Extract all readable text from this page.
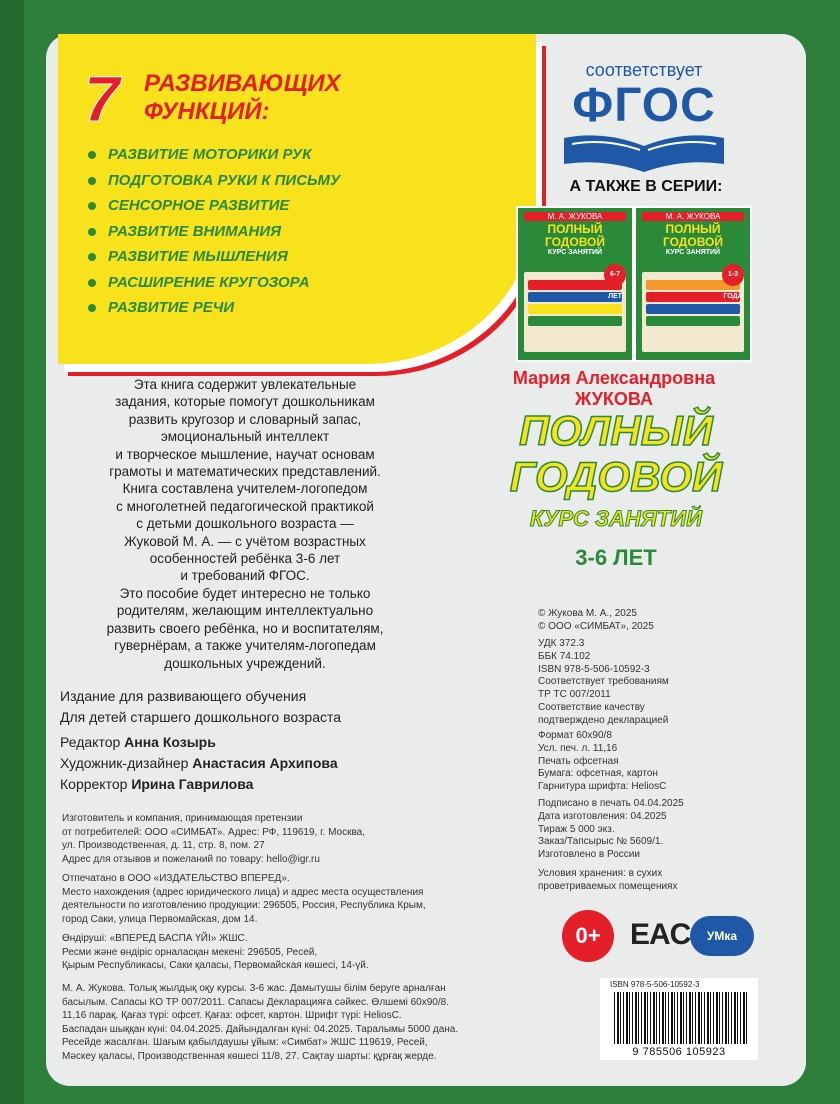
7 РАЗВИВАЮЩИХ
ФУНКЦИЙ:
РАЗВИТИЕ МОТОРИКИ РУК
ПОДГОТОВКА РУКИ К ПИСЬМУ
СЕНСОРНОЕ РАЗВИТИЕ
РАЗВИТИЕ ВНИМАНИЯ
РАЗВИТИЕ МЫШЛЕНИЯ
РАСШИРЕНИЕ КРУГОЗОРА
РАЗВИТИЕ РЕЧИ
соответствует
ФГОС
А ТАКЖЕ В СЕРИИ:
М. А. ЖУКОВА
ПОЛНЫЙ
ГОДОВОЙ
КУРС ЗАНЯТИЙ
6-7 ЛЕТ
М. А. ЖУКОВА
ПОЛНЫЙ
ГОДОВОЙ
КУРС ЗАНЯТИЙ
1-3 ГОДА
Мария Александровна
ЖУКОВА
ПОЛНЫЙ
ГОДОВОЙ
КУРС ЗАНЯТИЙ
3-6 ЛЕТ
Эта книга содержит увлекательные
задания, которые помогут дошкольникам
развить кругозор и словарный запас,
эмоциональный интеллект
и творческое мышление, научат основам
грамоты и математических представлений.
Книга составлена учителем-логопедом
с многолетней педагогической практикой
с детьми дошкольного возраста —
Жуковой М. А. — с учётом возрастных
особенностей ребёнка 3-6 лет
и требований ФГОС.
Это пособие будет интересно не только
родителям, желающим интеллектуально
развить своего ребёнка, но и воспитателям,
гувернёрам, а также учителям-логопедам
дошкольных учреждений.
Издание для развивающего обучения
Для детей старшего дошкольного возраста
Редактор Анна Козырь
Художник-дизайнер Анастасия Архипова
Корректор Ирина Гаврилова
Изготовитель и компания, принимающая претензии
от потребителей: ООО «СИМБАТ». Адрес: РФ, 119619, г. Москва,
ул. Производственная, д. 11, стр. 8, пом. 27
Адрес для отзывов и пожеланий по товару: hello@igr.ru
Отпечатано в ООО «ИЗДАТЕЛЬСТВО ВПЕРЕД».
Место нахождения (адрес юридического лица) и адрес места осуществления
деятельности по изготовлению продукции: 296505, Россия, Республика Крым,
город Саки, улица Первомайская, дом 14.
Өндіруші: «ВПЕРЕД БАСПА ҮЙІ» ЖШС.
Ресми және өндіріс орналасқан мекені: 296505, Ресей,
Қырым Республикасы, Саки қаласы, Первомайская көшесі, 14-үй.
М. А. Жукова. Толық жылдық оқу курсы. 3-6 жас. Дамытушы білім беруге арналған
басылым. Сапасы КО ТР 007/2011. Сапасы Декларацияға сәйкес. Өлшемі 60х90/8.
11,16 парақ. Қағаз түрі: офсет. Қағаз: офсет, картон. Шрифт түрі: HeliosC.
Баспадан шыққан күні: 04.04.2025. Дайындалған күні: 04.2025. Таралымы 5000 дана.
Ресейде жасалған. Шағым қабылдаушы ұйым: «Симбат» ЖШС 119619, Ресей,
Мәскеу қаласы, Производственная көшесі 11/8, 27. Сақтау шарты: құрғақ жерде.
© Жукова М. А., 2025
© ООО «СИМБАТ», 2025
УДК 372.3
ББК 74.102
ISBN 978-5-506-10592-3
Соответствует требованиям
ТР ТС 007/2011
Соответствие качеству
подтверждено декларацией
Формат 60х90/8
Усл. печ. л. 11,16
Печать офсетная
Бумага: офсетная, картон
Гарнитура шрифта: HeliosC
Подписано в печать 04.04.2025
Дата изготовления: 04.2025
Тираж 5 000 экз.
Заказ/Тапсырыс № 5609/1.
Изготовлено в России
Условия хранения: в сухих
проветриваемых помещениях
0+ EAC	УМка
ISBN 978-5-506-10592-3
9 785506 105923
